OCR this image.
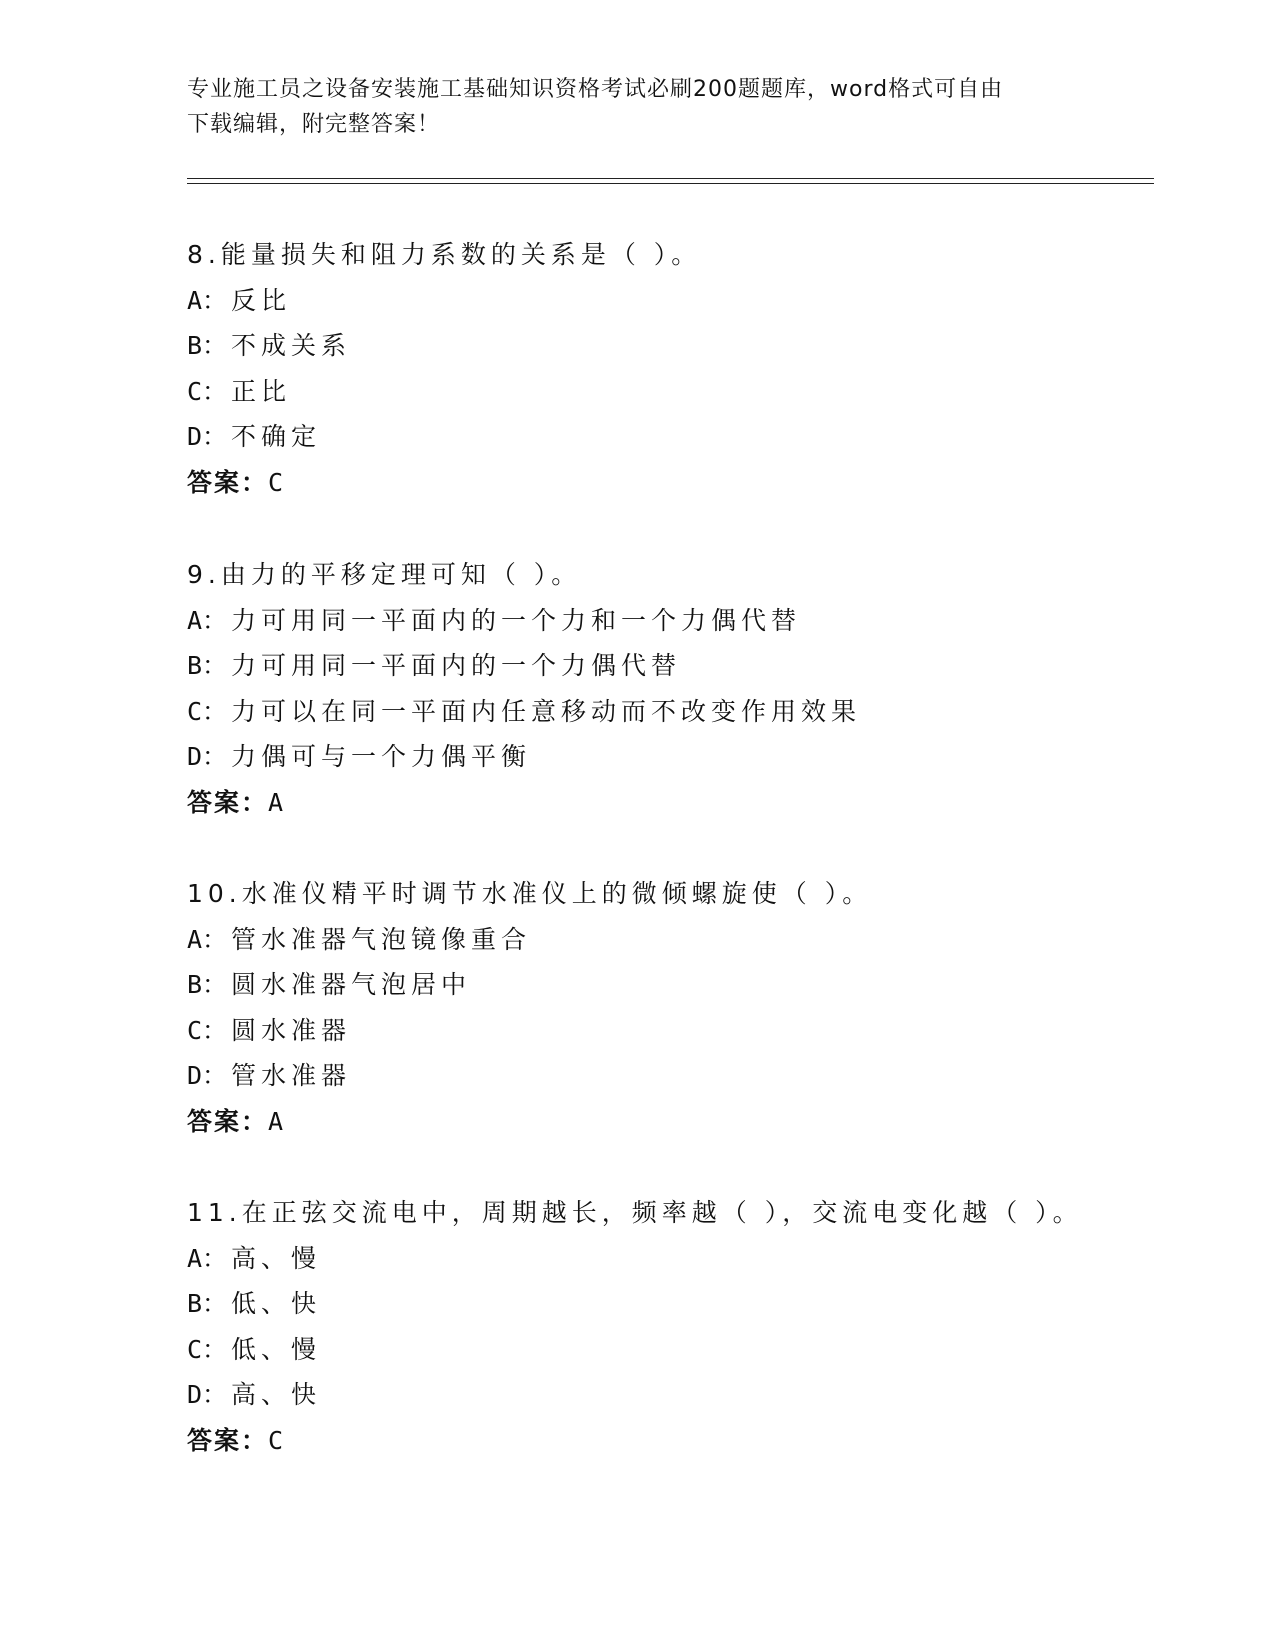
专业施工员之设备安装施工基础知识资格考试必刷200题题库，word格式可自由
下载编辑，附完整答案！
8.能量损失和阻力系数的关系是（ ）。
A： 反比
B： 不成关系
C： 正比
D： 不确定
答案：C
9.由力的平移定理可知（ ）。
A： 力可用同一平面内的一个力和一个力偶代替
B： 力可用同一平面内的一个力偶代替
C： 力可以在同一平面内任意移动而不改变作用效果
D： 力偶可与一个力偶平衡
答案：A
10.水准仪精平时调节水准仪上的微倾螺旋使（ ）。
A： 管水准器气泡镜像重合
B： 圆水准器气泡居中
C： 圆水准器
D： 管水准器
答案：A
11.在正弦交流电中，周期越长，频率越（ ），交流电变化越（ ）。
A： 高、慢
B： 低、快
C： 低、慢
D： 高、快
答案：C
